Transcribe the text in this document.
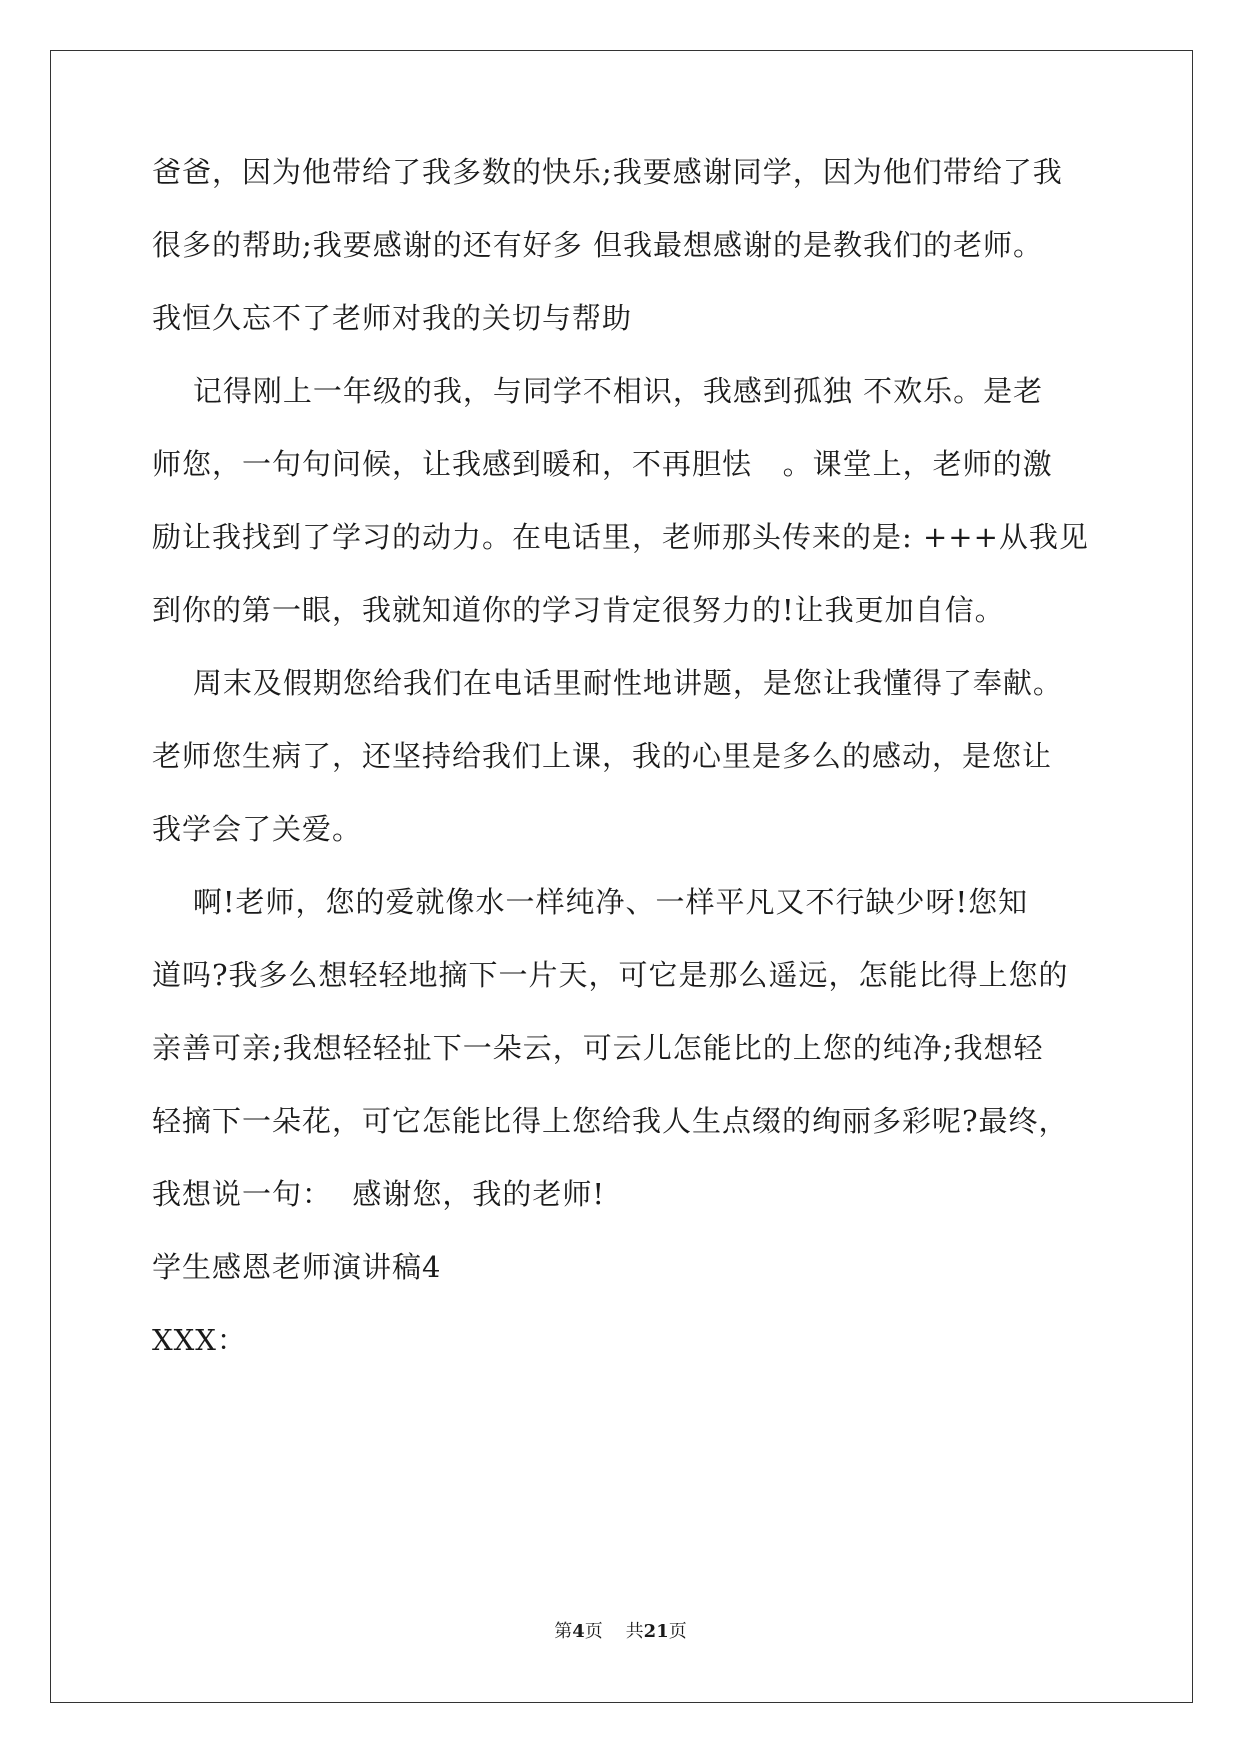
爸爸，因为他带给了我多数的快乐;我要感谢同学，因为他们带给了我
很多的帮助;我要感谢的还有好多 但我最想感谢的是教我们的老师。
我恒久忘不了老师对我的关切与帮助
记得刚上一年级的我，与同学不相识，我感到孤独 不欢乐。是老
师您，一句句问候，让我感到暖和，不再胆怯   。课堂上，老师的激
励让我找到了学习的动力。在电话里，老师那头传来的是: +++从我见
到你的第一眼，我就知道你的学习肯定很努力的!让我更加自信。
周末及假期您给我们在电话里耐性地讲题，是您让我懂得了奉献。
老师您生病了，还坚持给我们上课，我的心里是多么的感动，是您让
我学会了关爱。
啊!老师，您的爱就像水一样纯净、一样平凡又不行缺少呀!您知
道吗?我多么想轻轻地摘下一片天，可它是那么遥远，怎能比得上您的
亲善可亲;我想轻轻扯下一朵云，可云儿怎能比的上您的纯净;我想轻
轻摘下一朵花，可它怎能比得上您给我人生点缀的绚丽多彩呢?最终，
我想说一句：  感谢您，我的老师!
学生感恩老师演讲稿4
XXX：
第4页    共21页
